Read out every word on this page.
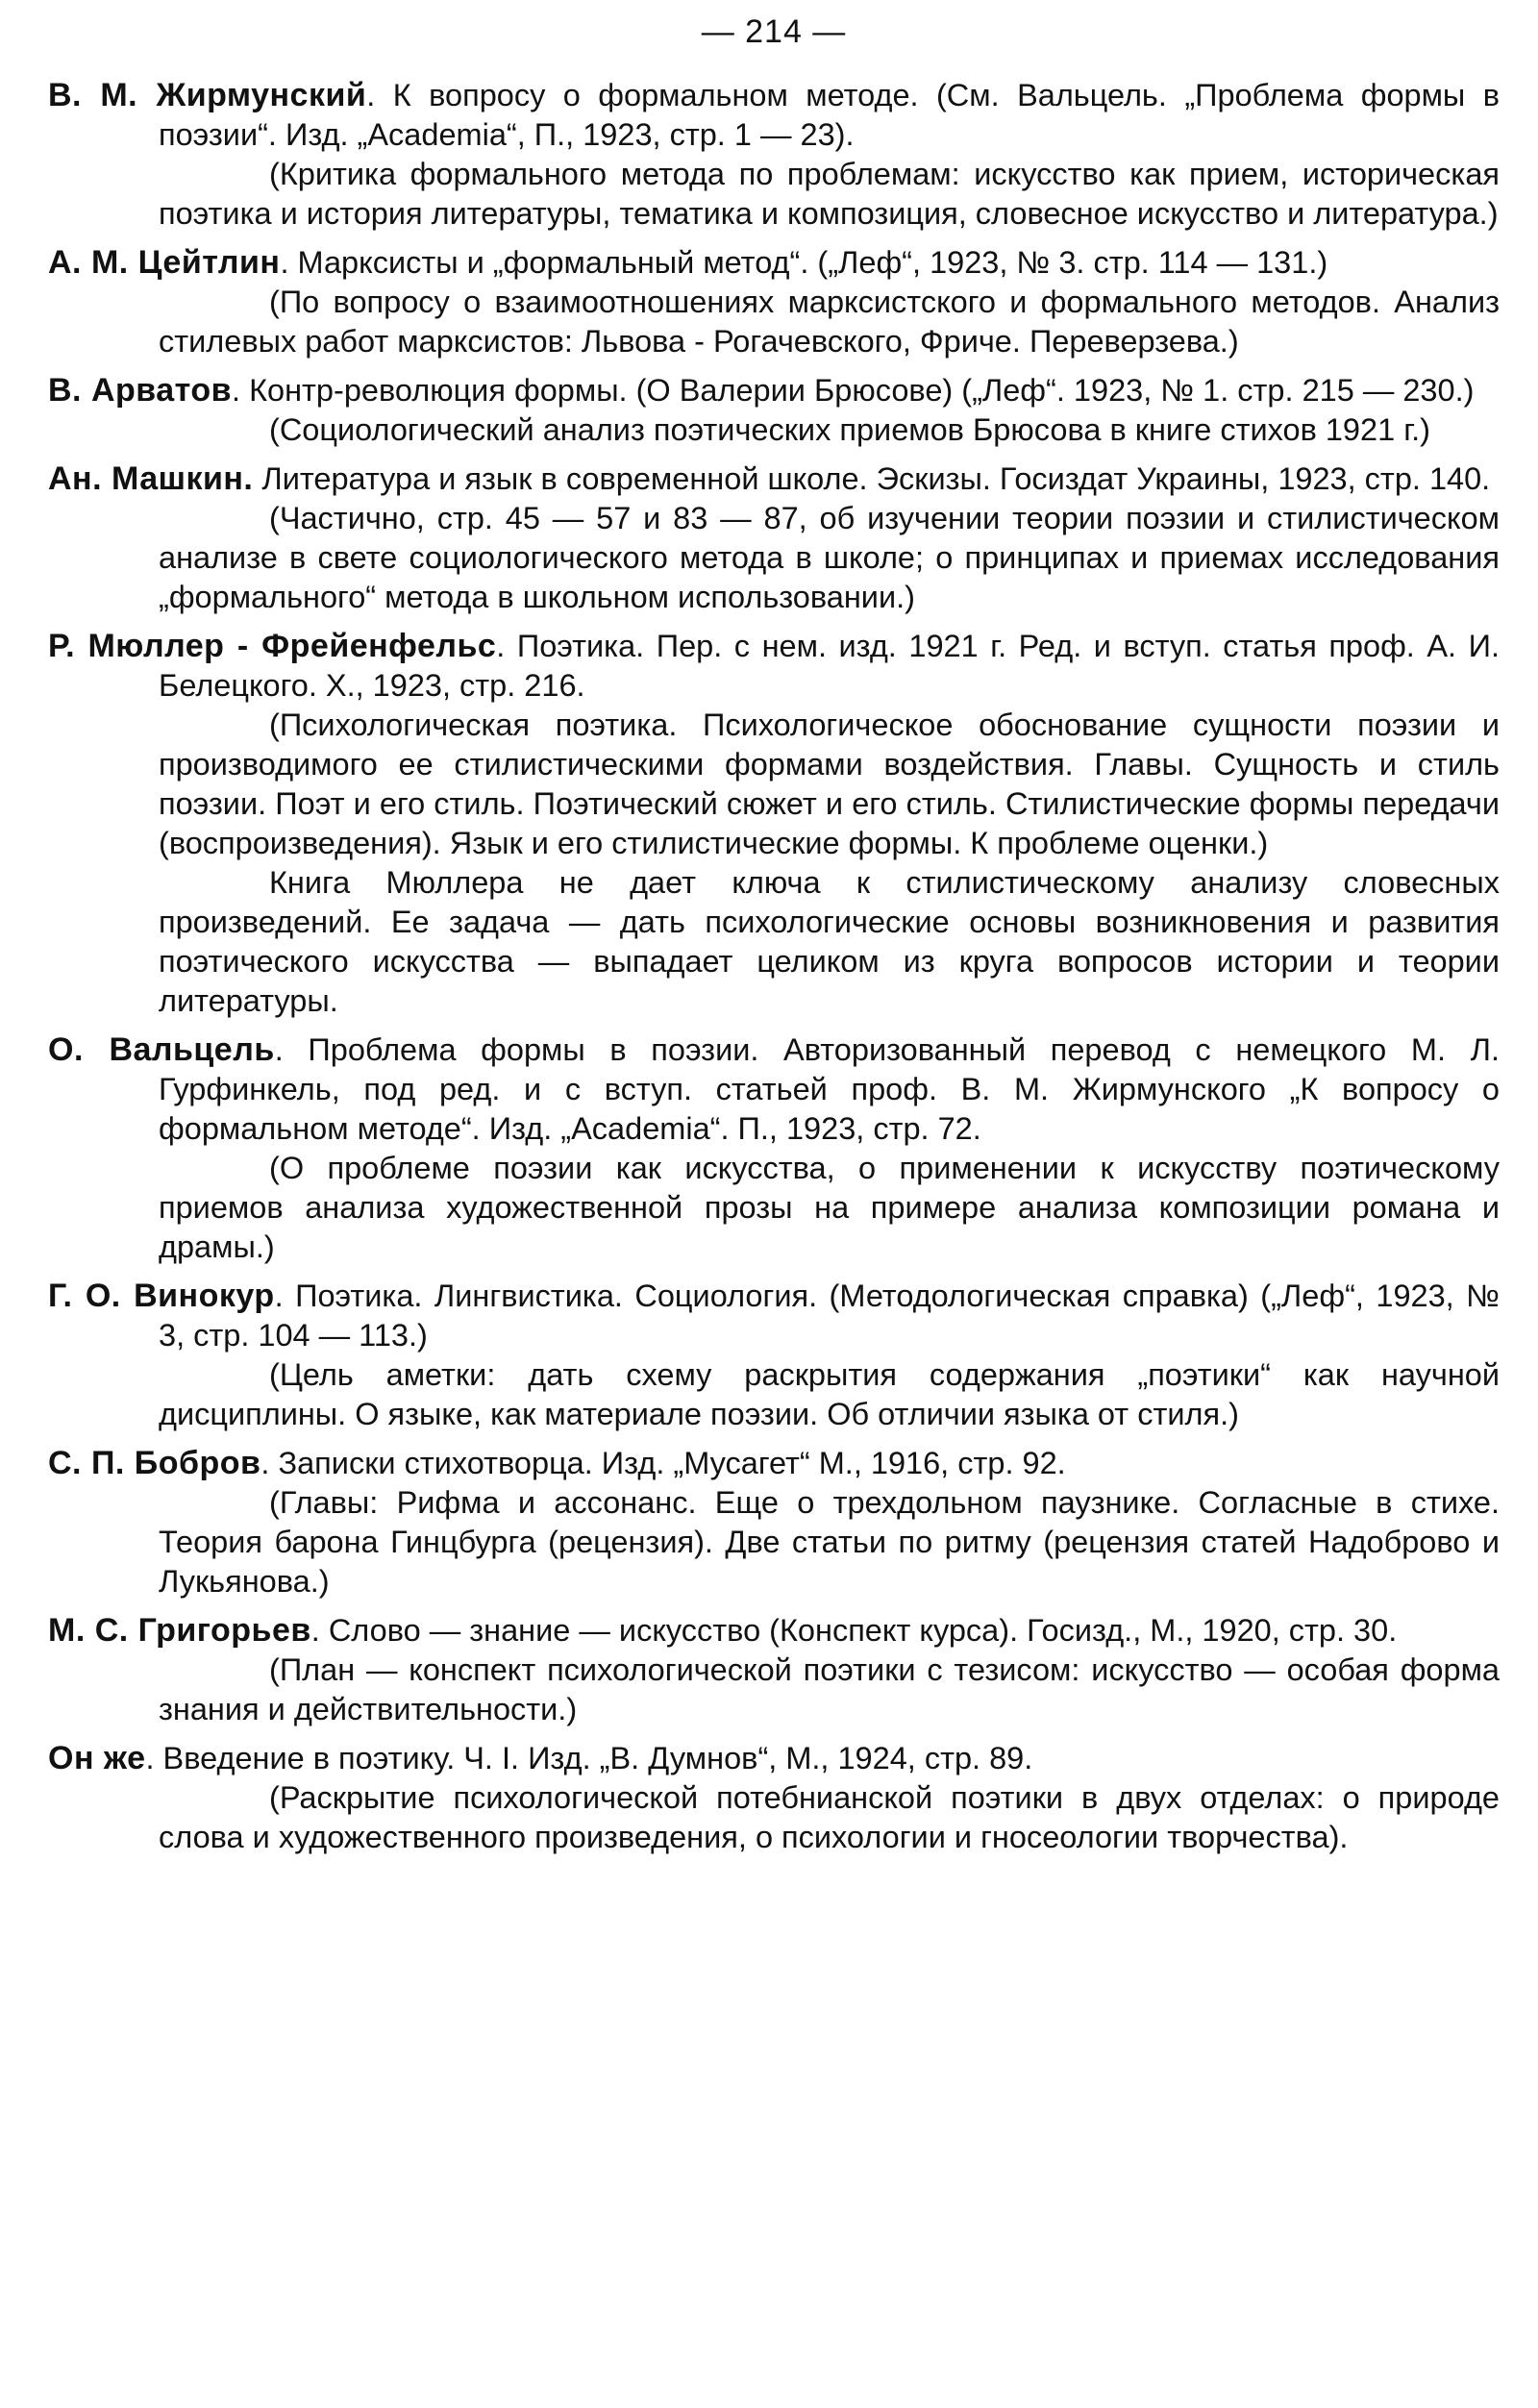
— 214 —

В. М. Жирмунский. К вопросу о формальном методе. (См. Вальцель. „Проблема формы в поэзии“. Изд. „Academia“, П., 1923, стр. 1 — 23).

(Критика формального метода по проблемам: искусство как прием, историческая поэтика и история литературы, тематика и композиция, словесное искусство и литература.)

А. М. Цейтлин. Марксисты и „формальный метод“. („Леф“, 1923, № 3. стр. 114 — 131.)

(По вопросу о взаимоотношениях марксистского и формального методов. Анализ стилевых работ марксистов: Львова - Рогачевского, Фриче. Переверзева.)

В. Арватов. Контр-революция формы. (О Валерии Брюсове) („Леф“. 1923, № 1. стр. 215 — 230.)

(Социологический анализ поэтических приемов Брюсова в книге стихов 1921 г.)

Ан. Машкин. Литература и язык в современной школе. Эскизы. Госиздат Украины, 1923, стр. 140.

(Частично, стр. 45 — 57 и 83 — 87, об изучении теории поэзии и стилистическом анализе в свете социологического метода в школе; о принципах и приемах исследования „формального“ метода в школьном использовании.)

Р. Мюллер - Фрейенфельс. Поэтика. Пер. с нем. изд. 1921 г. Ред. и вступ. статья проф. А. И. Белецкого. Х., 1923, стр. 216.

(Психологическая поэтика. Психологическое обоснование сущности поэзии и производимого ее стилистическими формами воздействия. Главы. Сущность и стиль поэзии. Поэт и его стиль. Поэтический сюжет и его стиль. Стилистические формы передачи (воспроизведения). Язык и его стилистические формы. К проблеме оценки.)

Книга Мюллера не дает ключа к стилистическому анализу словесных произведений. Ее задача — дать психологические основы возникновения и развития поэтического искусства — выпадает целиком из круга вопросов истории и теории литературы.

О. Вальцель. Проблема формы в поэзии. Авторизованный перевод с немецкого М. Л. Гурфинкель, под ред. и с вступ. статьей проф. В. М. Жирмунского „К вопросу о формальном методе“. Изд. „Academia“. П., 1923, стр. 72.

(О проблеме поэзии как искусства, о применении к искусству поэтическому приемов анализа художественной прозы на примере анализа композиции романа и драмы.)

Г. О. Винокур. Поэтика. Лингвистика. Социология. (Методологическая справка) („Леф“, 1923, № 3, стр. 104 — 113.)

(Цель аметки: дать схему раскрытия содержания „поэтики“ как научной дисциплины. О языке, как материале поэзии. Об отличии языка от стиля.)

С. П. Бобров. Записки стихотворца. Изд. „Мусагет“ М., 1916, стр. 92.

(Главы: Рифма и ассонанс. Еще о трехдольном паузнике. Согласные в стихе. Теория барона Гинцбурга (рецензия). Две статьи по ритму (рецензия статей Надоброво и Лукьянова.)

М. С. Григорьев. Слово — знание — искусство (Конспект курса). Госизд., М., 1920, стр. 30.

(План — конспект психологической поэтики с тезисом: искусство — особая форма знания и действительности.)

Он же. Введение в поэтику. Ч. I. Изд. „В. Думнов“, М., 1924, стр. 89.

(Раскрытие психологической потебнианской поэтики в двух отделах: о природе слова и художественного произведения, о психологии и гносеологии творчества).
